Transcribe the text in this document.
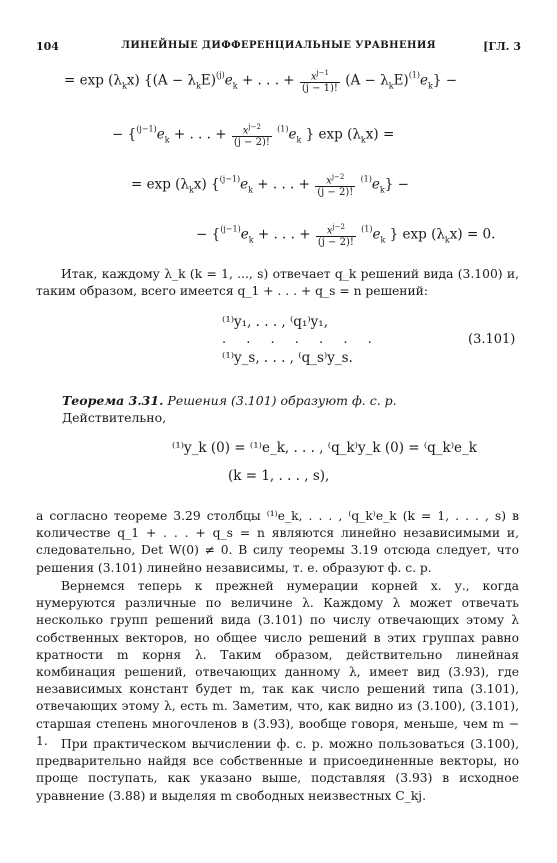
104	ЛИНЕЙНЫЕ ДИФФЕРЕНЦИАЛЬНЫЕ УРАВНЕНИЯ	[ГЛ. 3
= $\exp (\lambda_kx) \{(A - \lambda_kE)^{(j)}e_k$ + . . . + $\frac{x^{j-1}}{(j - 1)!} (A - \lambda_kE)^{(1)}e_k$} −
− {$^{(j-1)}e_k$ + . . . + $\frac{x^{j-2}}{(j - 2)!} ^{(1)}e_k$ } $\exp (\lambda_kx)$ =
= $\exp (\lambda_kx) \{^{(j-1)}e_k$ + . . . + $\frac{x^{j-2}}{(j - 2)!} ^{(1)}e_k$} −
− {$^{(j-1)}e_k$ + . . . + $\frac{x^{j-2}}{(j - 2)!} ^{(1)}e_k$ } $\exp (\lambda_kx) = 0$.
Итак, каждому λ_k (k = 1, ..., s) отвечает q_k решений вида (3.100) и, таким образом, всего имеется q_1 + . . . + q_s = n решений:
⁽¹⁾y₁, . . . , ⁽q₁⁾y₁,
. . . . . . .
⁽¹⁾y_s, . . . , ⁽q_s⁾y_s.
(3.101)
Теорема 3.31. Решения (3.101) образуют ф. с. р.
Действительно,
⁽¹⁾y_k (0) = ⁽¹⁾e_k, . . . , ⁽q_k⁾y_k (0) = ⁽q_k⁾e_k
(k = 1, . . . , s),
а согласно теореме 3.29 столбцы ⁽¹⁾e_k, . . . , ⁽q_k⁾e_k (k = 1, . . . , s) в количестве q_1 + . . . + q_s = n являются линейно независимыми и, следовательно, Det W(0) ≠ 0. В силу теоремы 3.19 отсюда следует, что решения (3.101) линейно независимы, т. е. образуют ф. с. р.
Вернемся теперь к прежней нумерации корней х. у., когда нумеруются различные по величине λ. Каждому λ может отвечать несколько групп решений вида (3.101) по числу отвечающих этому λ собственных векторов, но общее число решений в этих группах равно кратности m корня λ. Таким образом, действительно линейная комбинация решений, отвечающих данному λ, имеет вид (3.93), где независимых констант будет m, так как число решений типа (3.101), отвечающих этому λ, есть m. Заметим, что, как видно из (3.100), (3.101), старшая степень многочленов в (3.93), вообще говоря, меньше, чем m − 1.	При практическом вычислении ф. с. р. можно пользоваться (3.100), предварительно найдя все собственные и присоединенные векторы, но проще поступать, как указано выше, подставляя (3.93) в исходное уравнение (3.88) и выделяя m свободных неизвестных C_kj.
